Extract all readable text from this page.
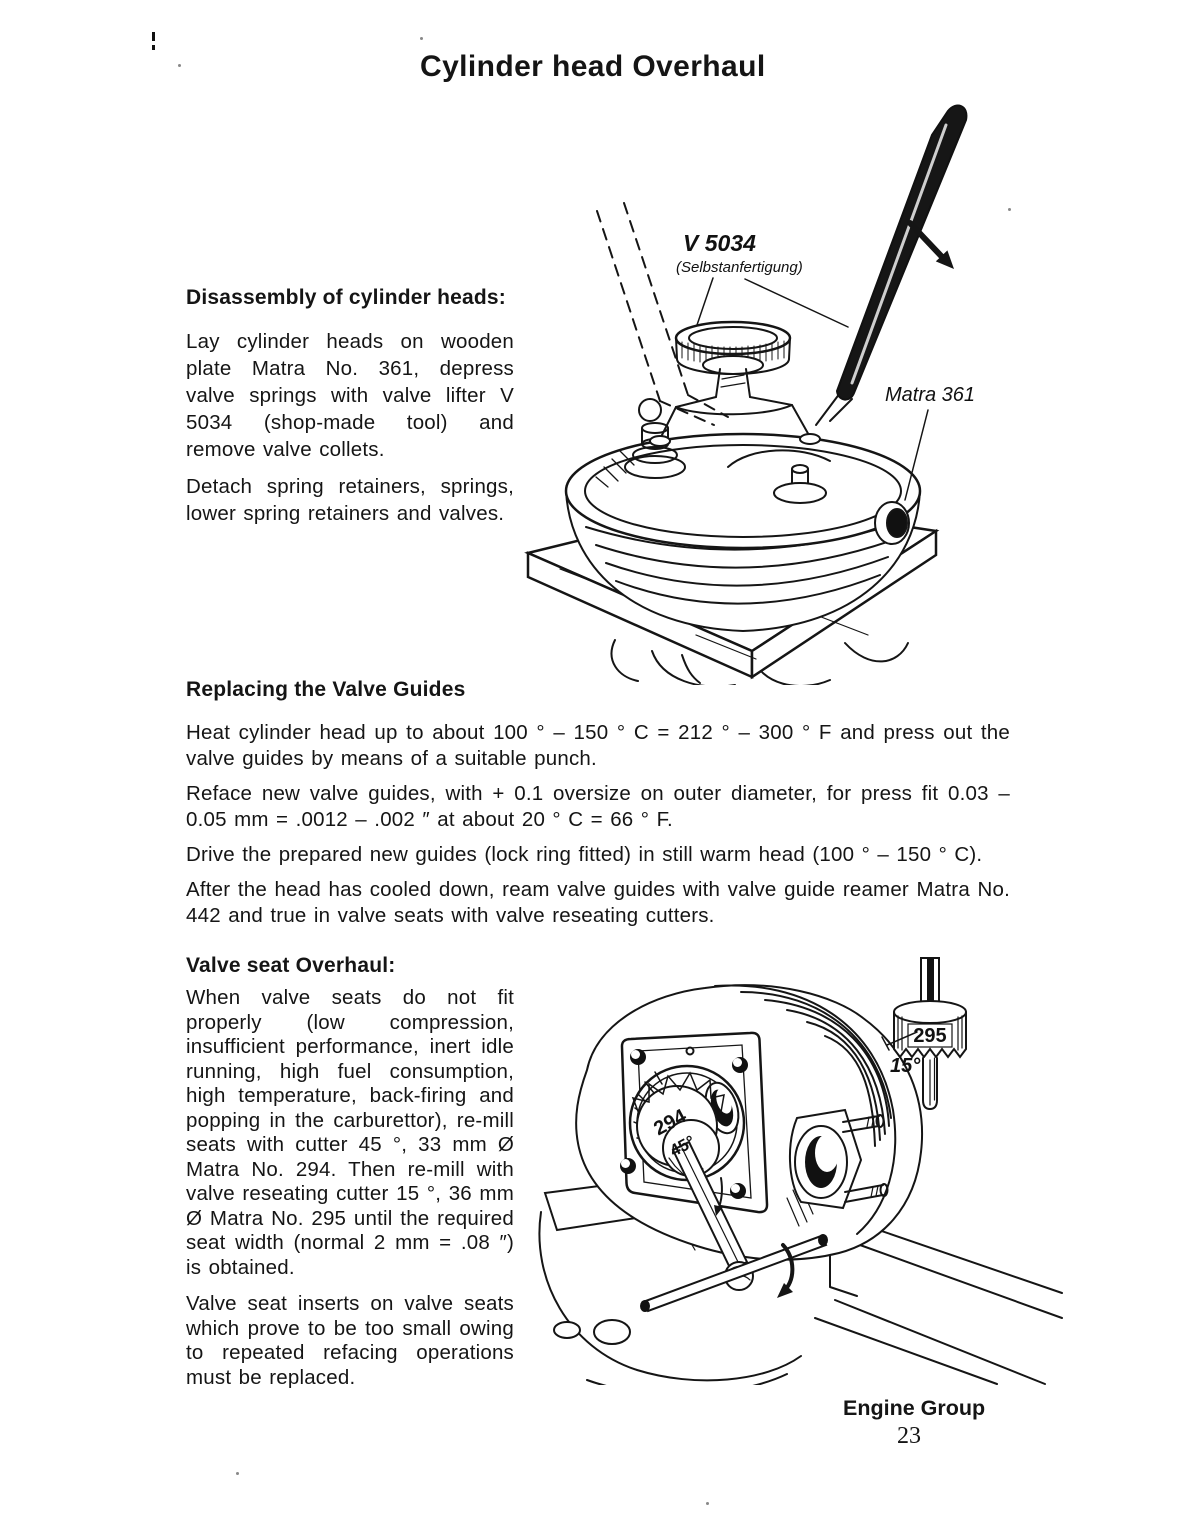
Cylinder head Overhaul
Disassembly of cylinder heads:

Lay cylinder heads on wooden plate Matra No. 361, depress valve springs with valve lifter V 5034 (shop-made tool) and remove valve collets.

Detach spring retainers, springs, lower spring retainers and valves.

V 5034
(Selbstanfertigung)
Matra 361
Replacing the Valve Guides

Heat cylinder head up to about 100 ° – 150 ° C = 212 ° – 300 ° F and press out the valve guides by means of a suitable punch.

Reface new valve guides, with + 0.1 oversize on outer diameter, for press fit 0.03 – 0.05 mm = .0012 – .002 ″ at about 20 ° C = 66 ° F.

Drive the prepared new guides (lock ring fitted) in still warm head (100 ° – 150 ° C).

After the head has cooled down, ream valve guides with valve guide reamer Matra No. 442 and true in valve seats with valve reseating cutters.

Valve seat Overhaul:

When valve seats do not fit properly (low compression, insufficient performance, inert idle running, high fuel consumption, high temperature, back-firing and popping in the carburettor), re-mill seats with cutter 45 °, 33 mm Ø Matra No. 294. Then re-mill with valve reseating cutter 15 °, 36 mm Ø Matra No. 295 until the required seat width (normal 2 mm = .08 ″) is obtained.

Valve seat inserts on valve seats which prove to be too small owing to repeated refacing operations must be replaced.

294
45°
295
15°
Engine Group
23
